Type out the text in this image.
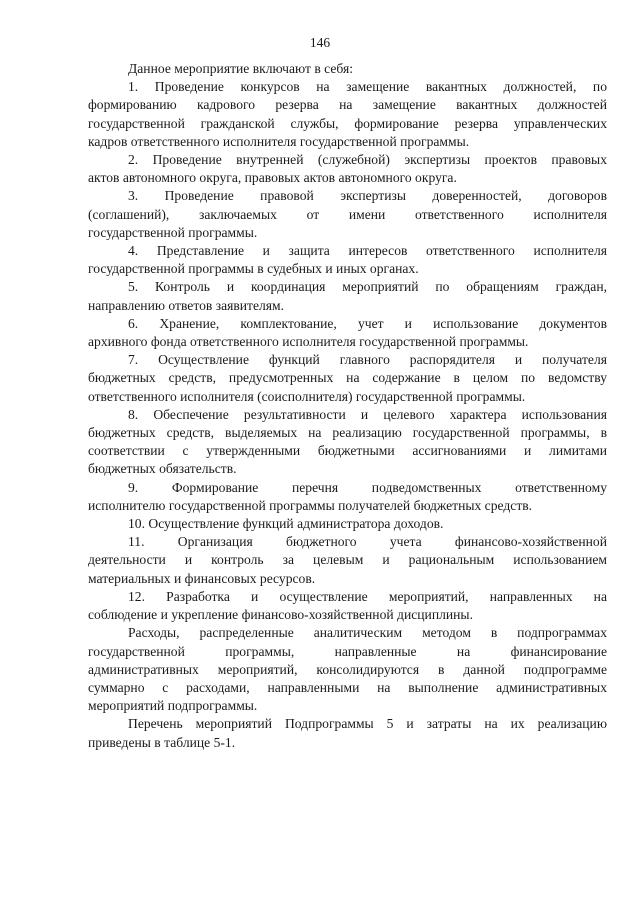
146
Данное мероприятие включают в себя:
1. Проведение конкурсов на замещение вакантных должностей, по
формированию кадрового резерва на замещение вакантных должностей
государственной гражданской службы, формирование резерва управленческих
кадров ответственного исполнителя государственной программы.
2. Проведение внутренней (служебной) экспертизы проектов правовых
актов автономного округа, правовых актов автономного округа.
3. Проведение правовой экспертизы доверенностей, договоров
(соглашений), заключаемых от имени ответственного исполнителя
государственной программы.
4. Представление и защита интересов ответственного исполнителя
государственной программы в судебных и иных органах.
5. Контроль и координация мероприятий по обращениям граждан,
направлению ответов заявителям.
6. Хранение, комплектование, учет и использование документов
архивного фонда ответственного исполнителя государственной программы.
7. Осуществление функций главного распорядителя и получателя
бюджетных средств, предусмотренных на содержание в целом по ведомству
ответственного исполнителя (соисполнителя) государственной программы.
8. Обеспечение результативности и целевого характера использования
бюджетных средств, выделяемых на реализацию государственной программы, в
соответствии с утвержденными бюджетными ассигнованиями и лимитами
бюджетных обязательств.
9. Формирование перечня подведомственных ответственному
исполнителю государственной программы получателей бюджетных средств.
10. Осуществление функций администратора доходов.
11. Организация бюджетного учета финансово-хозяйственной
деятельности и контроль за целевым и рациональным использованием
материальных и финансовых ресурсов.
12. Разработка и осуществление мероприятий, направленных на
соблюдение и укрепление финансово-хозяйственной дисциплины.
Расходы, распределенные аналитическим методом в подпрограммах
государственной программы, направленные на финансирование
административных мероприятий, консолидируются в данной подпрограмме
суммарно с расходами, направленными на выполнение административных
мероприятий подпрограммы.
Перечень мероприятий Подпрограммы 5 и затраты на их реализацию
приведены в таблице 5-1.
